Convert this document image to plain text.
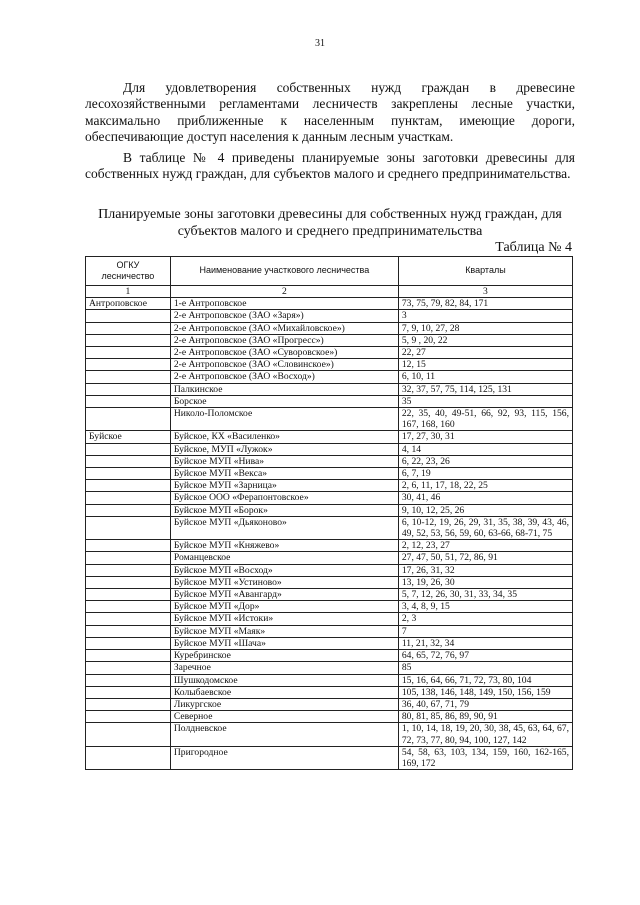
31

Для удовлетворения собственных нужд граждан в древесине лесохозяйственными регламентами лесничеств закреплены лесные участки, максимально приближенные к населенным пунктам, имеющие дороги, обеспечивающие доступ населения к данным лесным участкам.

В таблице № 4 приведены планируемые зоны заготовки древесины для собственных нужд граждан, для субъектов малого и среднего предпринимательства.

Планируемые зоны заготовки древесины для собственных нужд граждан, для субъектов малого и среднего предпринимательства
Таблица № 4
ОГКУ лесничество	Наименование участкового лесничества	Кварталы
1	2	3
Антроповское	1-е Антроповское	73, 75, 79, 82, 84, 171
	2-е Антроповское (ЗАО «Заря»)	3
	2-е Антроповское (ЗАО «Михайловское»)	7, 9, 10, 27, 28
	2-е Антроповское (ЗАО «Прогресс»)	5, 9 , 20, 22
	2-е Антроповское (ЗАО «Суворовское»)	22, 27
	2-е Антроповское (ЗАО «Словинское»)	12, 15
	2-е Антроповское (ЗАО «Восход»)	6, 10, 11
	Палкинское	32, 37, 57, 75, 114, 125, 131
	Борское	35
	Николо-Поломское	22, 35, 40, 49-51, 66, 92, 93, 115, 156, 167, 168, 160
Буйское	Буйское, КХ «Василенко»	17, 27, 30, 31
	Буйское, МУП «Лужок»	4, 14
	Буйское МУП «Нива»	6, 22, 23, 26
	Буйское МУП «Векса»	6, 7, 19
	Буйское МУП «Зарница»	2, 6, 11, 17, 18, 22, 25
	Буйское ООО «Ферапонтовское»	30, 41, 46
	Буйское МУП «Борок»	9, 10, 12, 25, 26
	Буйское МУП «Дьяконово»	6, 10-12, 19, 26, 29, 31, 35, 38, 39, 43, 46, 49, 52, 53, 56, 59, 60, 63-66, 68-71, 75
	Буйское МУП «Княжево»	2, 12, 23, 27
	Романцевское	27, 47, 50, 51, 72, 86, 91
	Буйское МУП «Восход»	17, 26, 31, 32
	Буйское МУП «Устиново»	13, 19, 26, 30
	Буйское МУП «Авангард»	5, 7, 12, 26, 30, 31, 33, 34, 35
	Буйское МУП «Дор»	3, 4, 8, 9, 15
	Буйское МУП «Истоки»	2, 3
	Буйское МУП «Маяк»	7
	Буйское МУП «Шача»	11, 21, 32, 34
	Куребринское	64, 65, 72, 76, 97
	Заречное	85
	Шушкодомское	15, 16, 64, 66, 71, 72, 73, 80, 104
	Колыбаевское	105, 138, 146, 148, 149, 150, 156, 159
	Ликургское	36, 40, 67, 71, 79
	Северное	80, 81, 85, 86, 89, 90, 91
	Полдневское	1, 10, 14, 18, 19, 20, 30, 38, 45, 63, 64, 67, 72, 73, 77, 80, 94, 100, 127, 142
	Пригородное	54, 58, 63, 103, 134, 159, 160, 162-165, 169, 172
